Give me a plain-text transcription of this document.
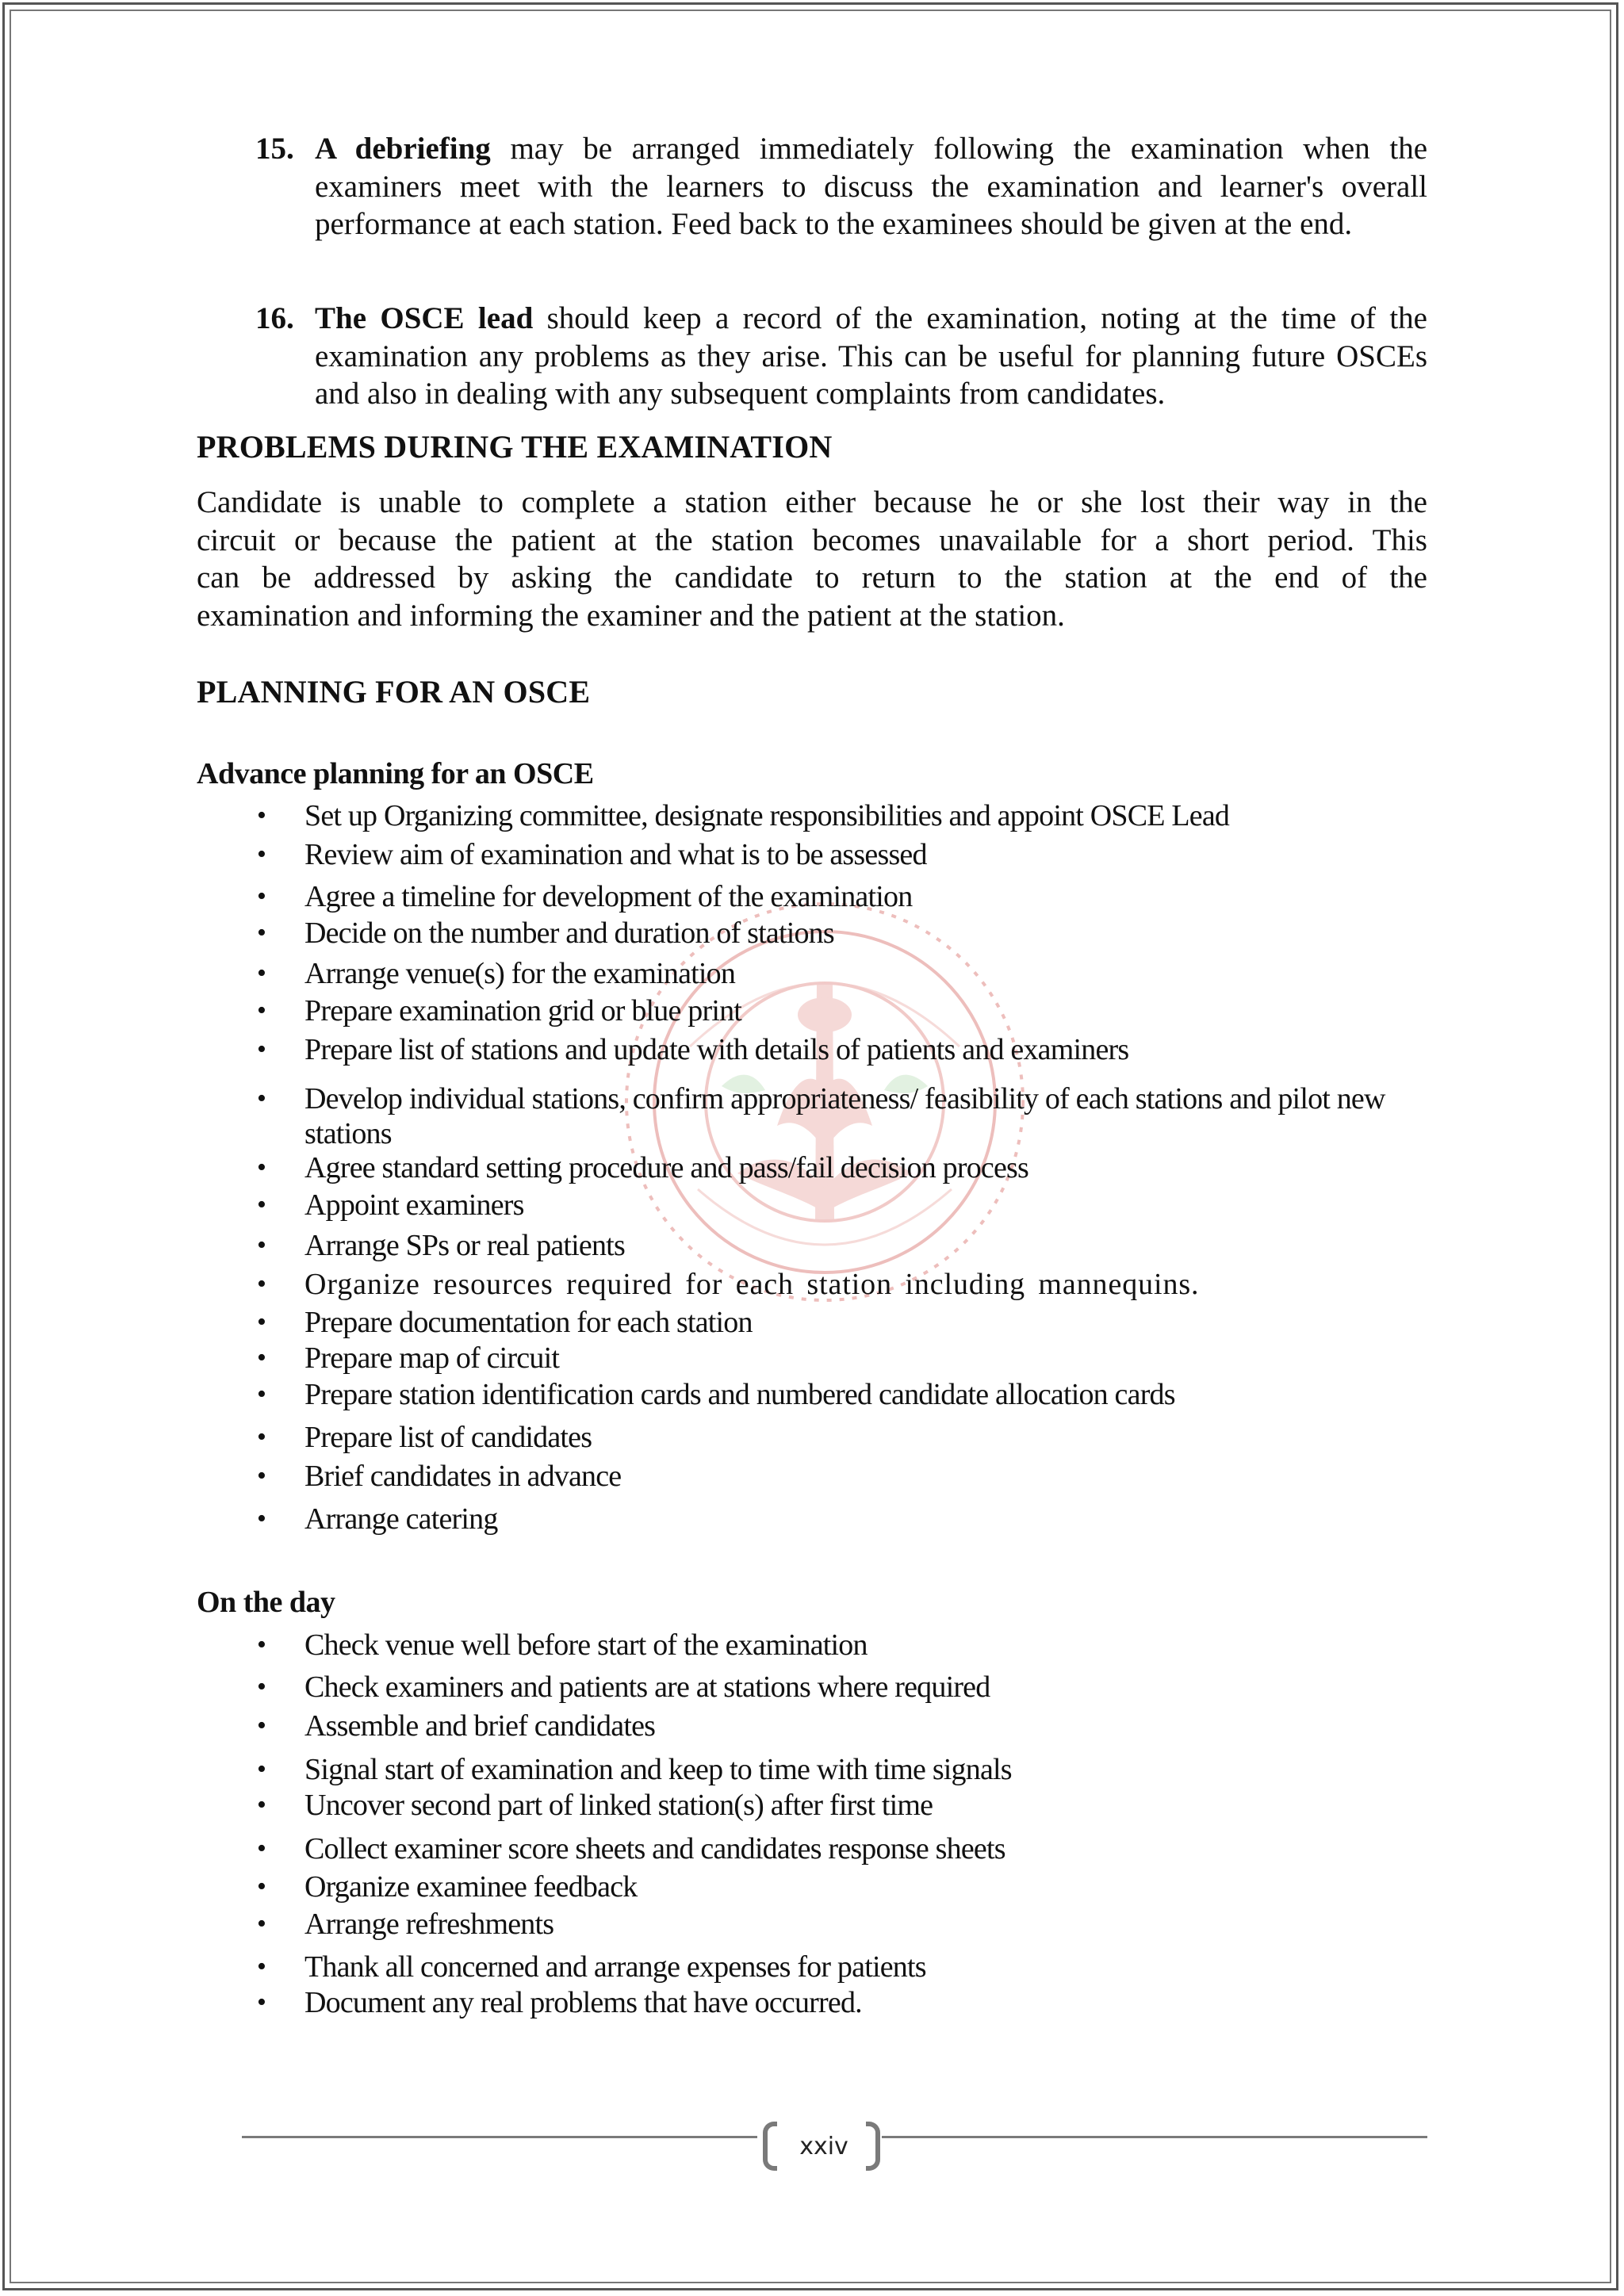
15. A debriefing may be arranged immediately following the examination when the examiners meet with the learners to discuss the examination and learner's overall performance at each station. Feed back to the examinees should be given at the end.
16. The OSCE lead should keep a record of the examination, noting at the time of the examination any problems as they arise. This can be useful for planning future OSCEs and also in dealing with any subsequent complaints from candidates.
PROBLEMS DURING THE EXAMINATION
Candidate is unable to complete a station either because he or she lost their way in the
circuit or because the patient at the station becomes unavailable for a short period. This
can be addressed by asking the candidate to return to the station at the end of the
examination and informing the examiner and the patient at the station.
PLANNING FOR AN OSCE
Advance planning for an OSCE
• Set up Organizing committee, designate responsibilities and appoint OSCE Lead
• Review aim of examination and what is to be assessed
• Agree a timeline for development of the examination
• Decide on the number and duration of stations
• Arrange venue(s) for the examination
• Prepare examination grid or blue print
• Prepare list of stations and update with details of patients and examiners
• Develop individual stations, confirm appropriateness/ feasibility of each stations and pilot new stations
• Agree standard setting procedure and pass/fail decision process
• Appoint examiners
• Arrange SPs or real patients
• Organize resources required for each station including mannequins.
• Prepare documentation for each station
• Prepare map of circuit
• Prepare station identification cards and numbered candidate allocation cards
• Prepare list of candidates
• Brief candidates in advance
• Arrange catering
On the day
• Check venue well before start of the examination
• Check examiners and patients are at stations where required
• Assemble and brief candidates
• Signal start of examination and keep to time with time signals
• Uncover second part of linked station(s) after first time
• Collect examiner score sheets and candidates response sheets
• Organize examinee feedback
• Arrange refreshments
• Thank all concerned and arrange expenses for patients
• Document any real problems that have occurred.
xxiv
